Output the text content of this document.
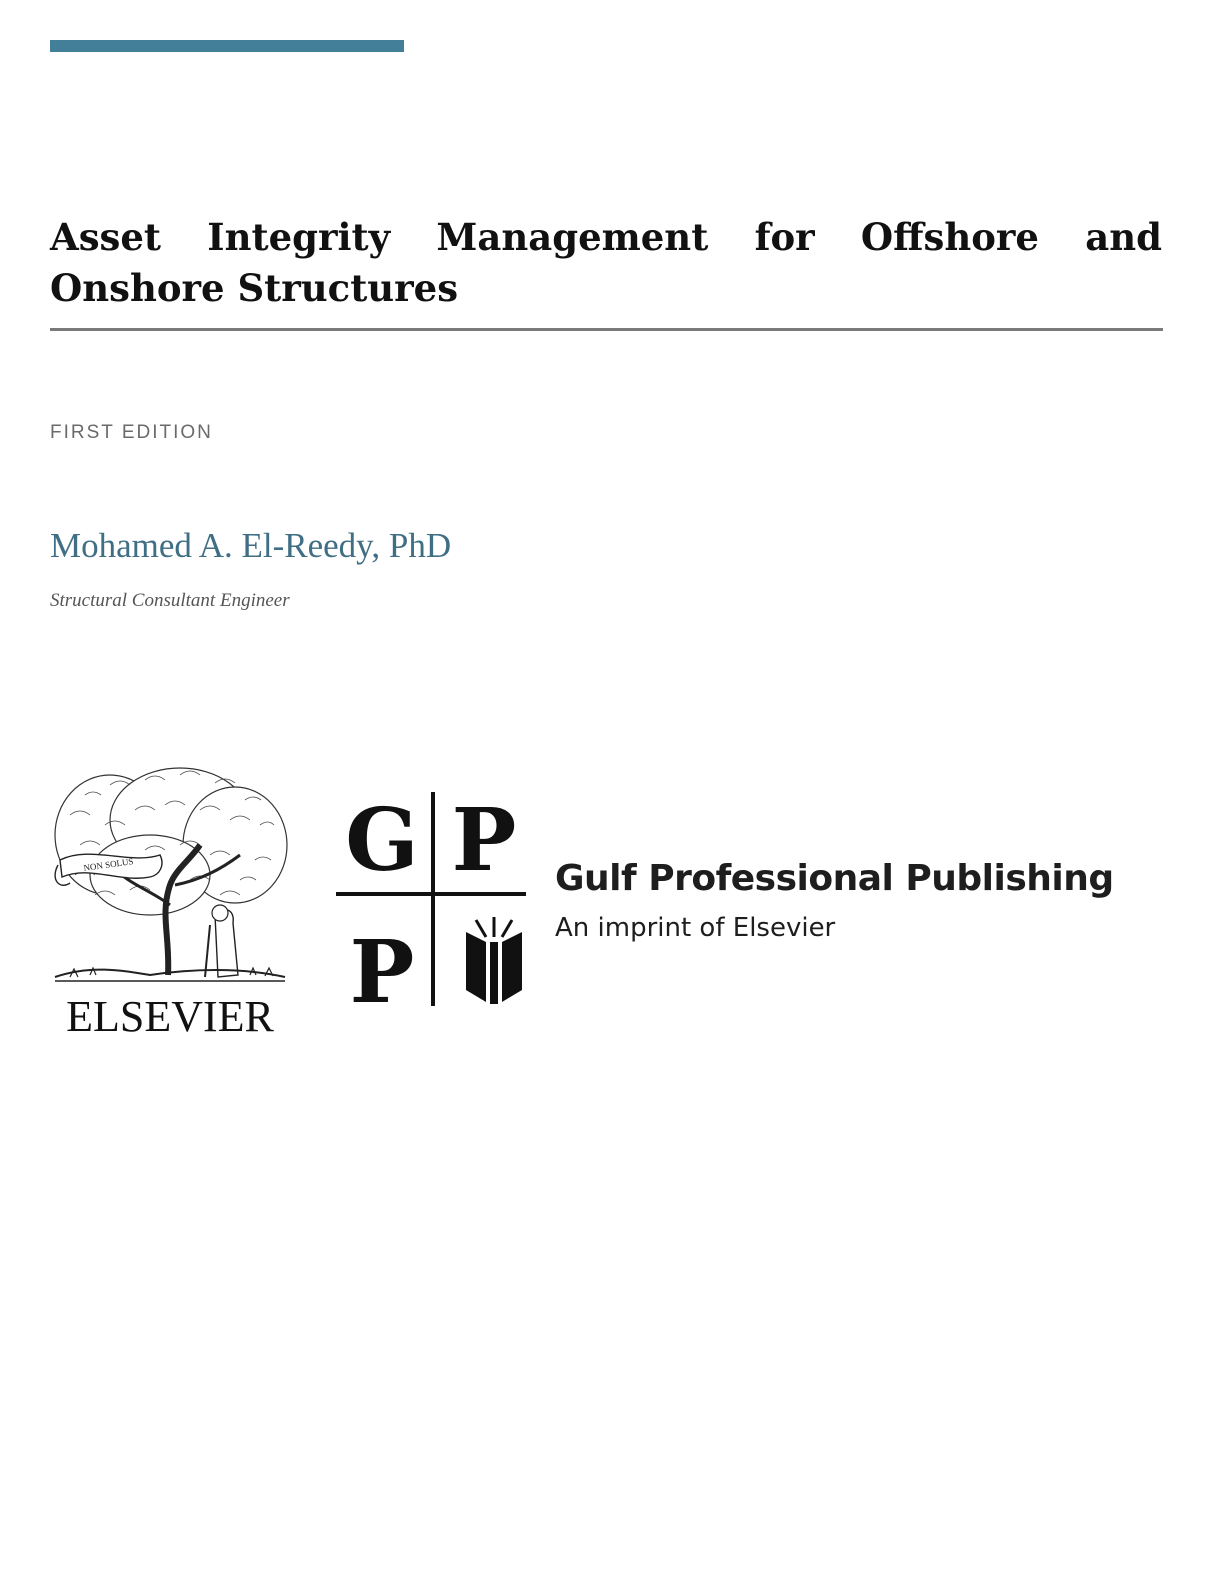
Asset Integrity Management for Offshore and Onshore Structures

FIRST EDITION

Mohamed A. El-Reedy, PhD

Structural Consultant Engineer

NON SOLUS
ELSEVIER
G P
P

Gulf Professional Publishing

An imprint of Elsevier
